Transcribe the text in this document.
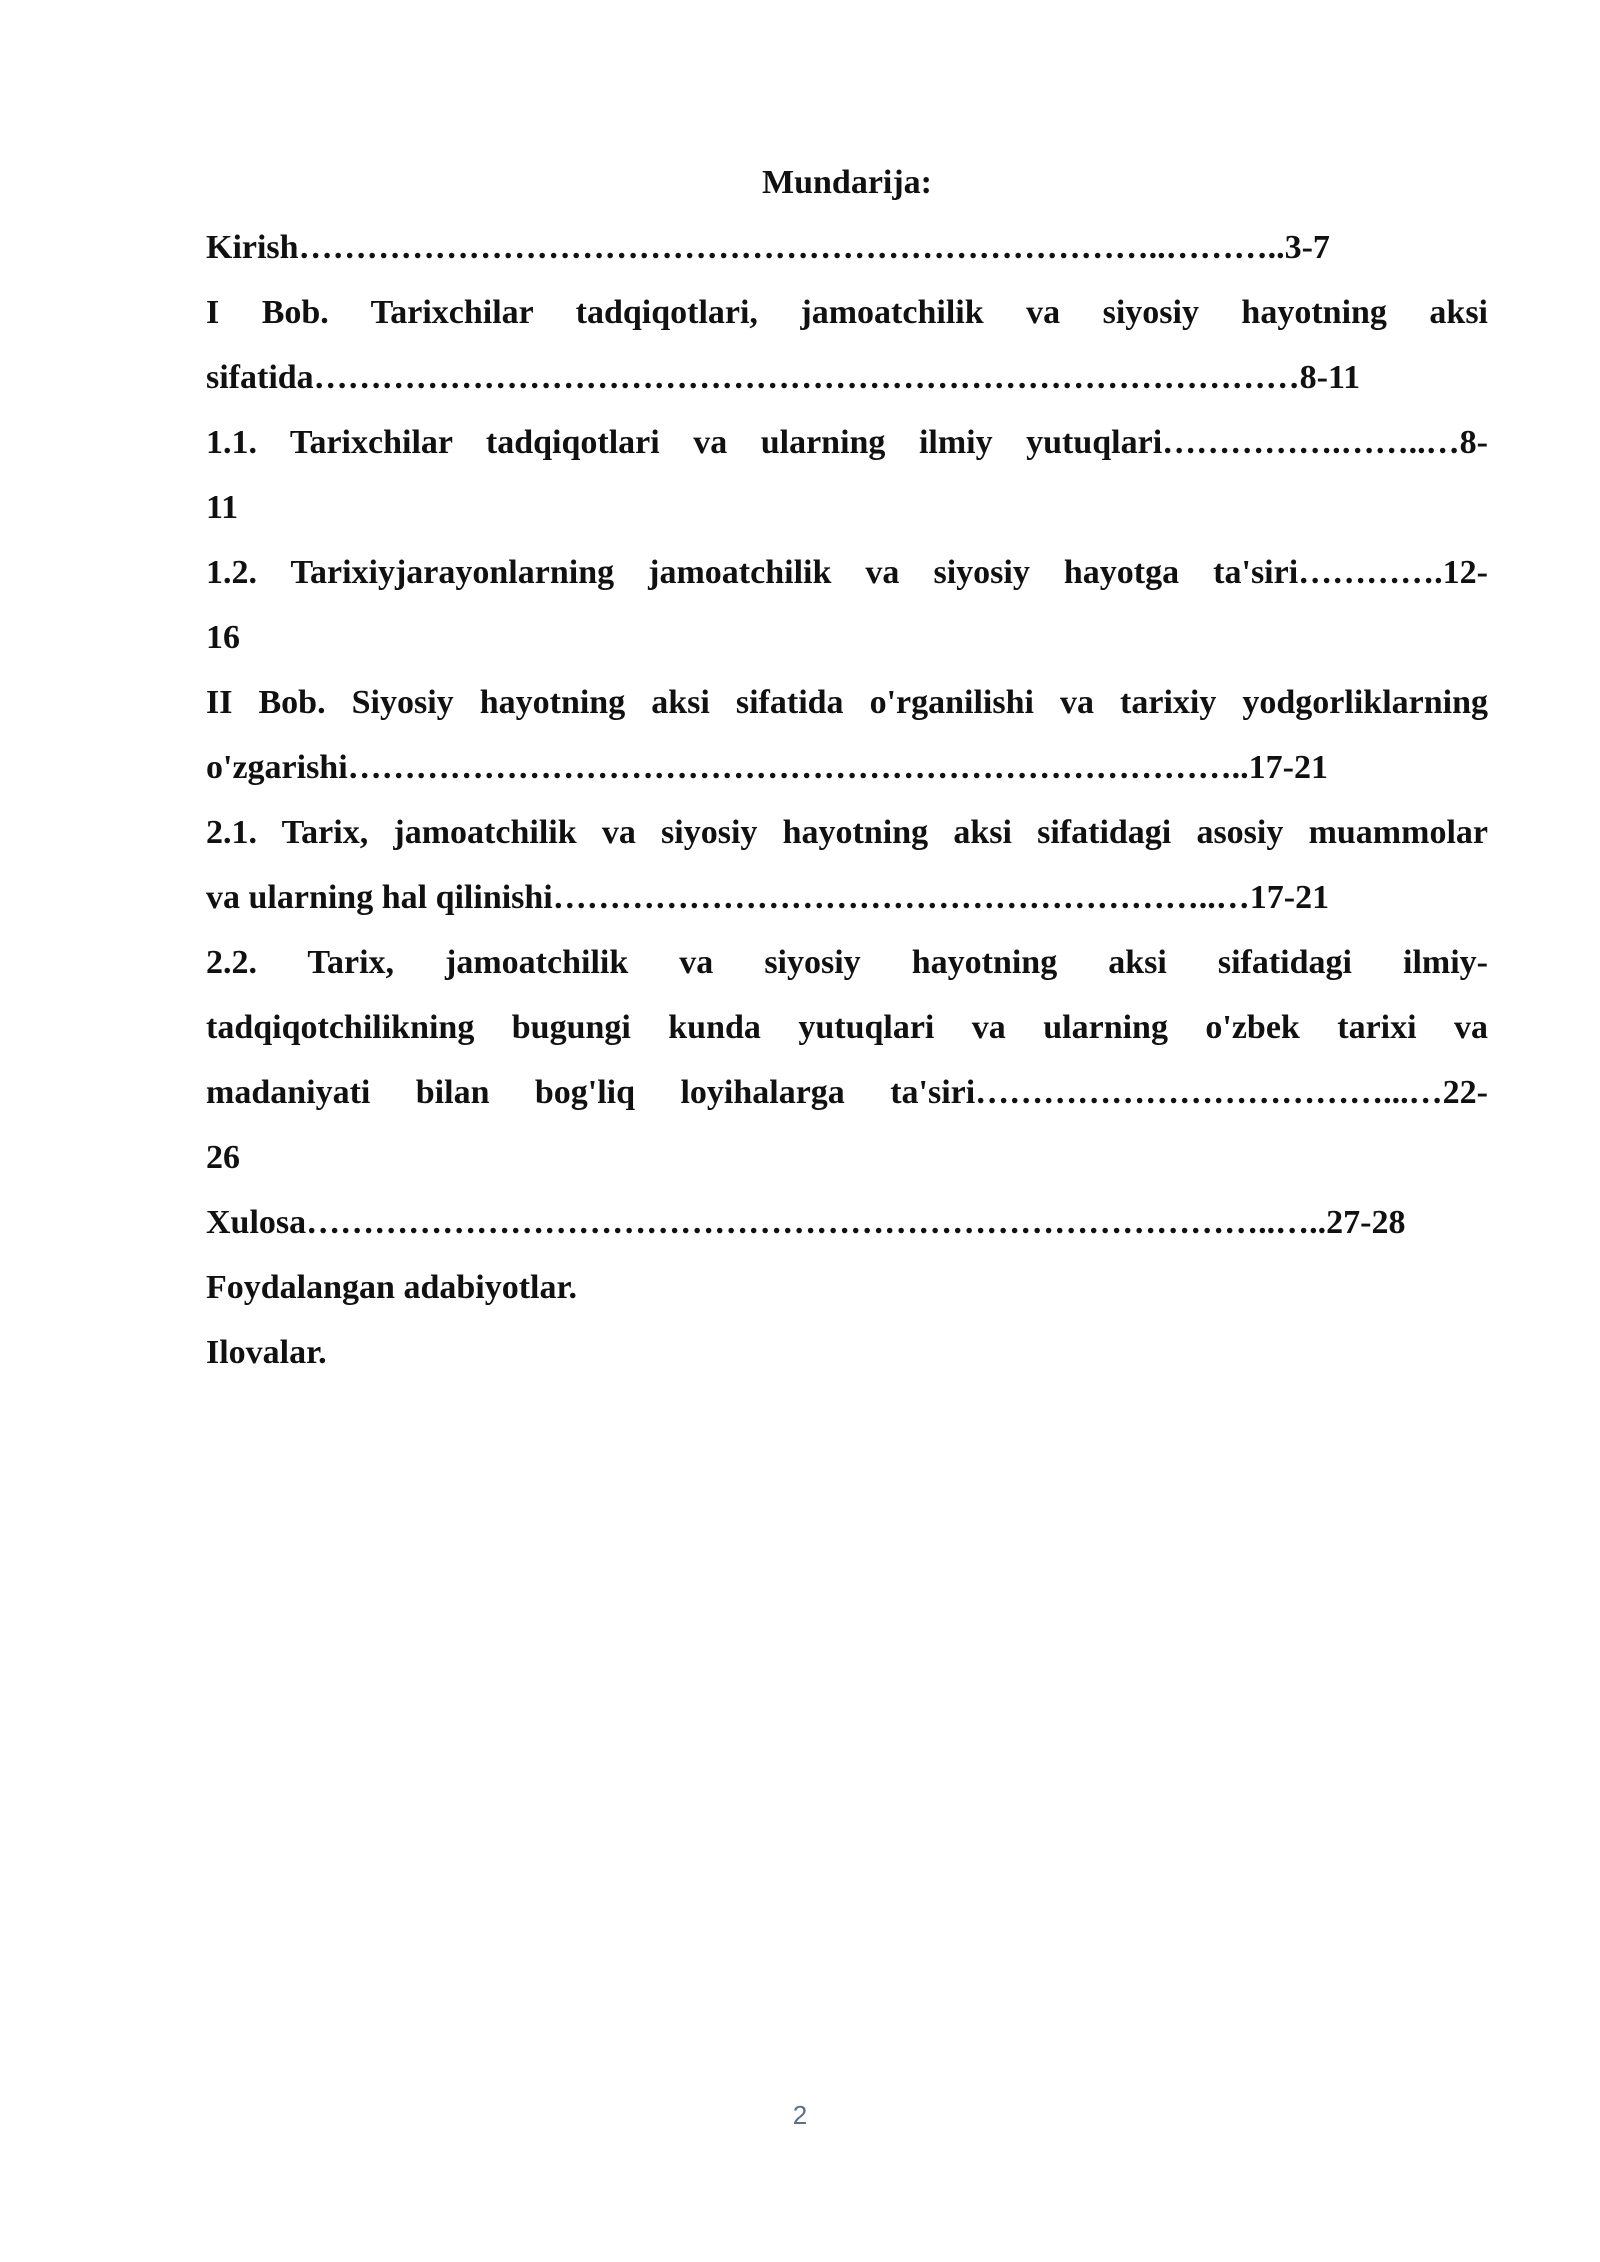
Mundarija:

Kirish…………………………………………………………………..………..3-7

I Bob. Tarixchilar tadqiqotlari, jamoatchilik va siyosiy hayotning aksi

sifatida……………………………………………………………………………8-11

1.1. Tarixchilar tadqiqotlari va ularning ilmiy yutuqlari…………….……..…8-

11

1.2. Tarixiyjarayonlarning jamoatchilik va siyosiy hayotga ta'siri………….12-

16

II Bob. Siyosiy hayotning aksi sifatida o'rganilishi va tarixiy yodgorliklarning

o'zgarishi……………………………………………………………………..17-21

2.1. Tarix, jamoatchilik va siyosiy hayotning aksi sifatidagi asosiy muammolar

va ularning hal qilinishi…………………………………………………..…17-21

2.2. Tarix, jamoatchilik va siyosiy hayotning aksi sifatidagi ilmiy-

tadqiqotchilikning bugungi kunda yutuqlari va ularning o'zbek tarixi va

madaniyati bilan bog'liq loyihalarga ta'siri………………………………...…22-

26

Xulosa…………………………………………………………………………..…..27-28

Foydalangan adabiyotlar.

Ilovalar.

2
